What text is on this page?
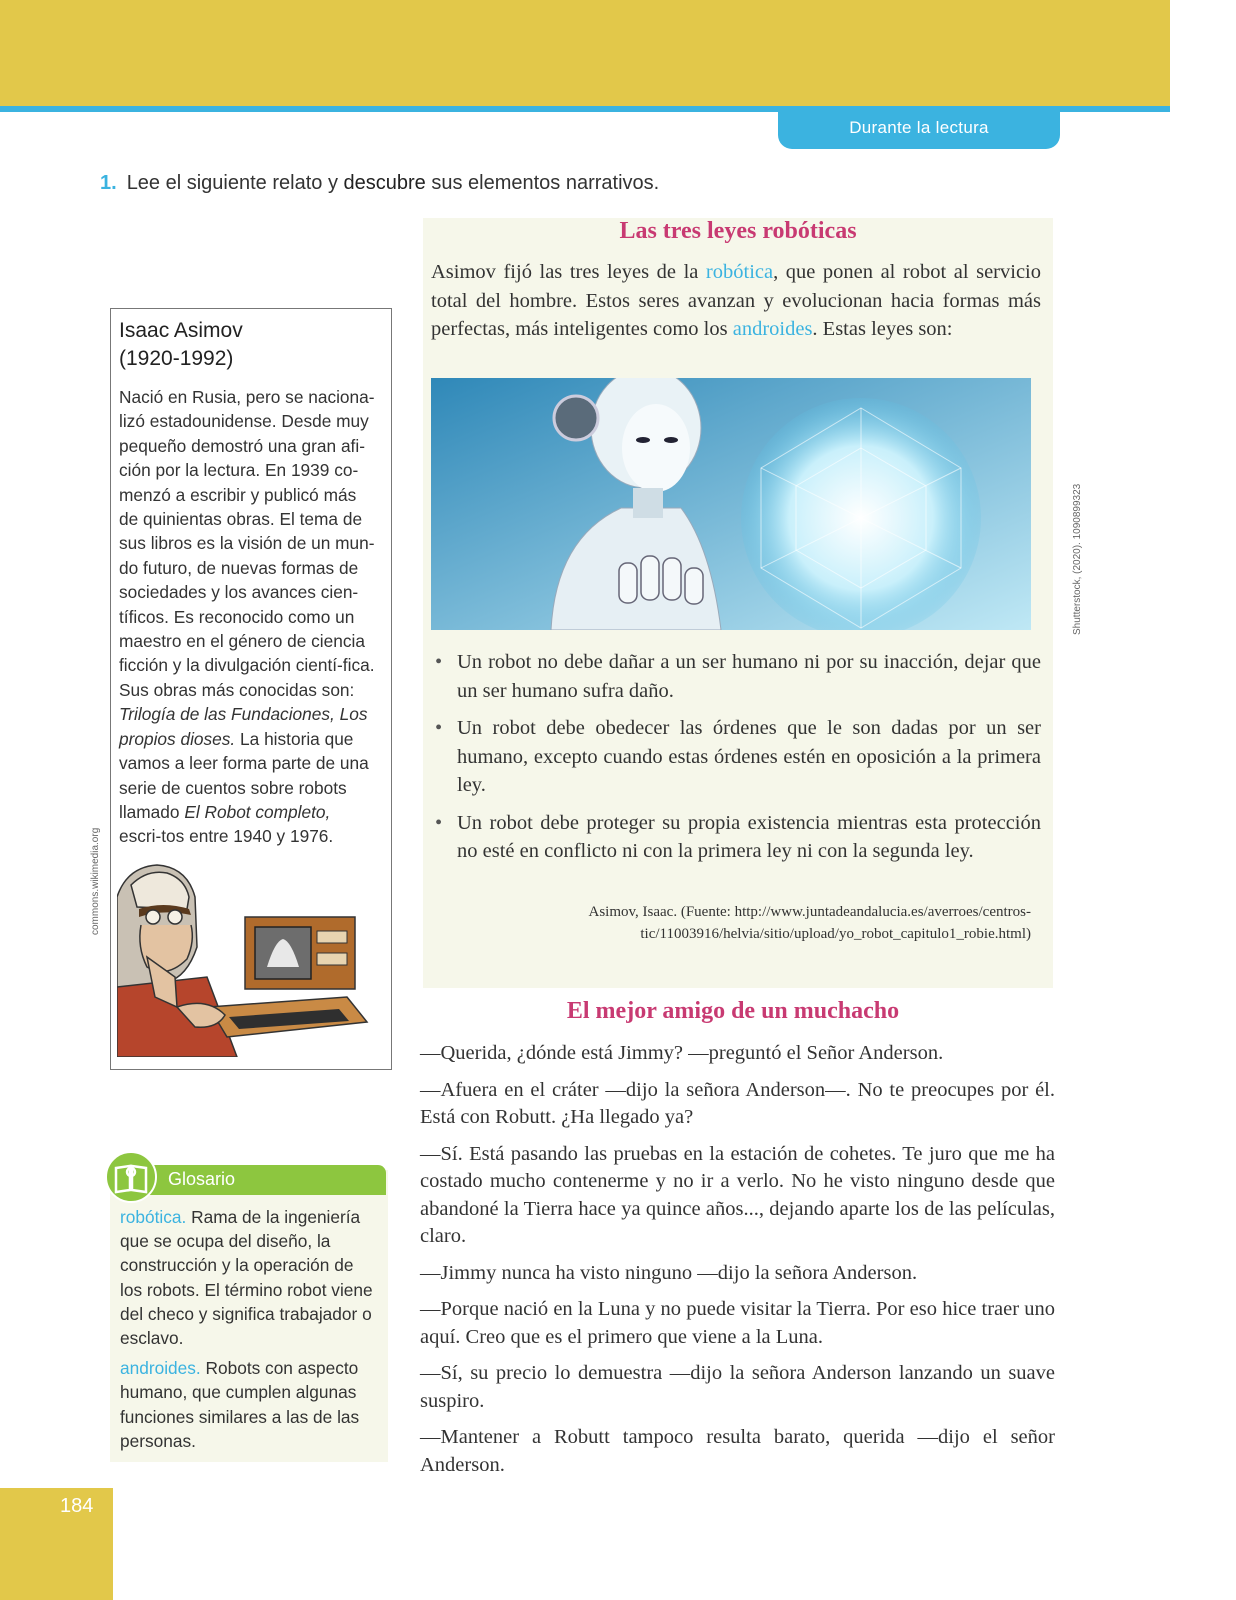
Durante la lectura
1. Lee el siguiente relato y descubre sus elementos narrativos.
Isaac Asimov
(1920-1992)
Nació en Rusia, pero se naciona-lizó estadounidense. Desde muy pequeño demostró una gran afi-ción por la lectura. En 1939 co-menzó a escribir y publicó más de quinientas obras. El tema de sus libros es la visión de un mun-do futuro, de nuevas formas de sociedades y los avances cien-tíficos. Es reconocido como un maestro en el género de ciencia ficción y la divulgación cientí-fica. Sus obras más conocidas son: Trilogía de las Fundaciones, Los propios dioses. La historia que vamos a leer forma parte de una serie de cuentos sobre robots llamado El Robot completo, escri-tos entre 1940 y 1976.
commons.wikimedia.org
Las tres leyes robóticas
Asimov fijó las tres leyes de la robótica, que ponen al robot al servicio total del hombre. Estos seres avanzan y evolucionan hacia formas más perfectas, más inteligentes como los androides. Estas leyes son:
• Un robot no debe dañar a un ser humano ni por su inacción, dejar que un ser humano sufra daño.
• Un robot debe obedecer las órdenes que le son dadas por un ser humano, excepto cuando estas órdenes estén en oposición a la primera ley.
• Un robot debe proteger su propia existencia mientras esta protección no esté en conflicto ni con la primera ley ni con la segunda ley.
Asimov, Isaac. (Fuente: http://www.juntadeandalucia.es/averroes/centros-tic/11003916/helvia/sitio/upload/yo_robot_capitulo1_robie.html)
Shutterstock, (2020). 1090899323
El mejor amigo de un muchacho

—Querida, ¿dónde está Jimmy? —preguntó el Señor Anderson.

—Afuera en el cráter —dijo la señora Anderson—. No te preocupes por él. Está con Robutt. ¿Ha llegado ya?

—Sí. Está pasando las pruebas en la estación de cohetes. Te juro que me ha costado mucho contenerme y no ir a verlo. No he visto ninguno desde que abandoné la Tierra hace ya quince años..., dejando aparte los de las películas, claro.

—Jimmy nunca ha visto ninguno —dijo la señora Anderson.

—Porque nació en la Luna y no puede visitar la Tierra. Por eso hice traer uno aquí. Creo que es el primero que viene a la Luna.

—Sí, su precio lo demuestra —dijo la señora Anderson lanzando un suave suspiro.

—Mantener a Robutt tampoco resulta barato, querida —dijo el señor Anderson.

Glosario

robótica. Rama de la ingeniería que se ocupa del diseño, la construcción y la operación de los robots. El término robot viene del checo y significa trabajador o esclavo.

androides. Robots con aspecto humano, que cumplen algunas funciones similares a las de las personas.

184
